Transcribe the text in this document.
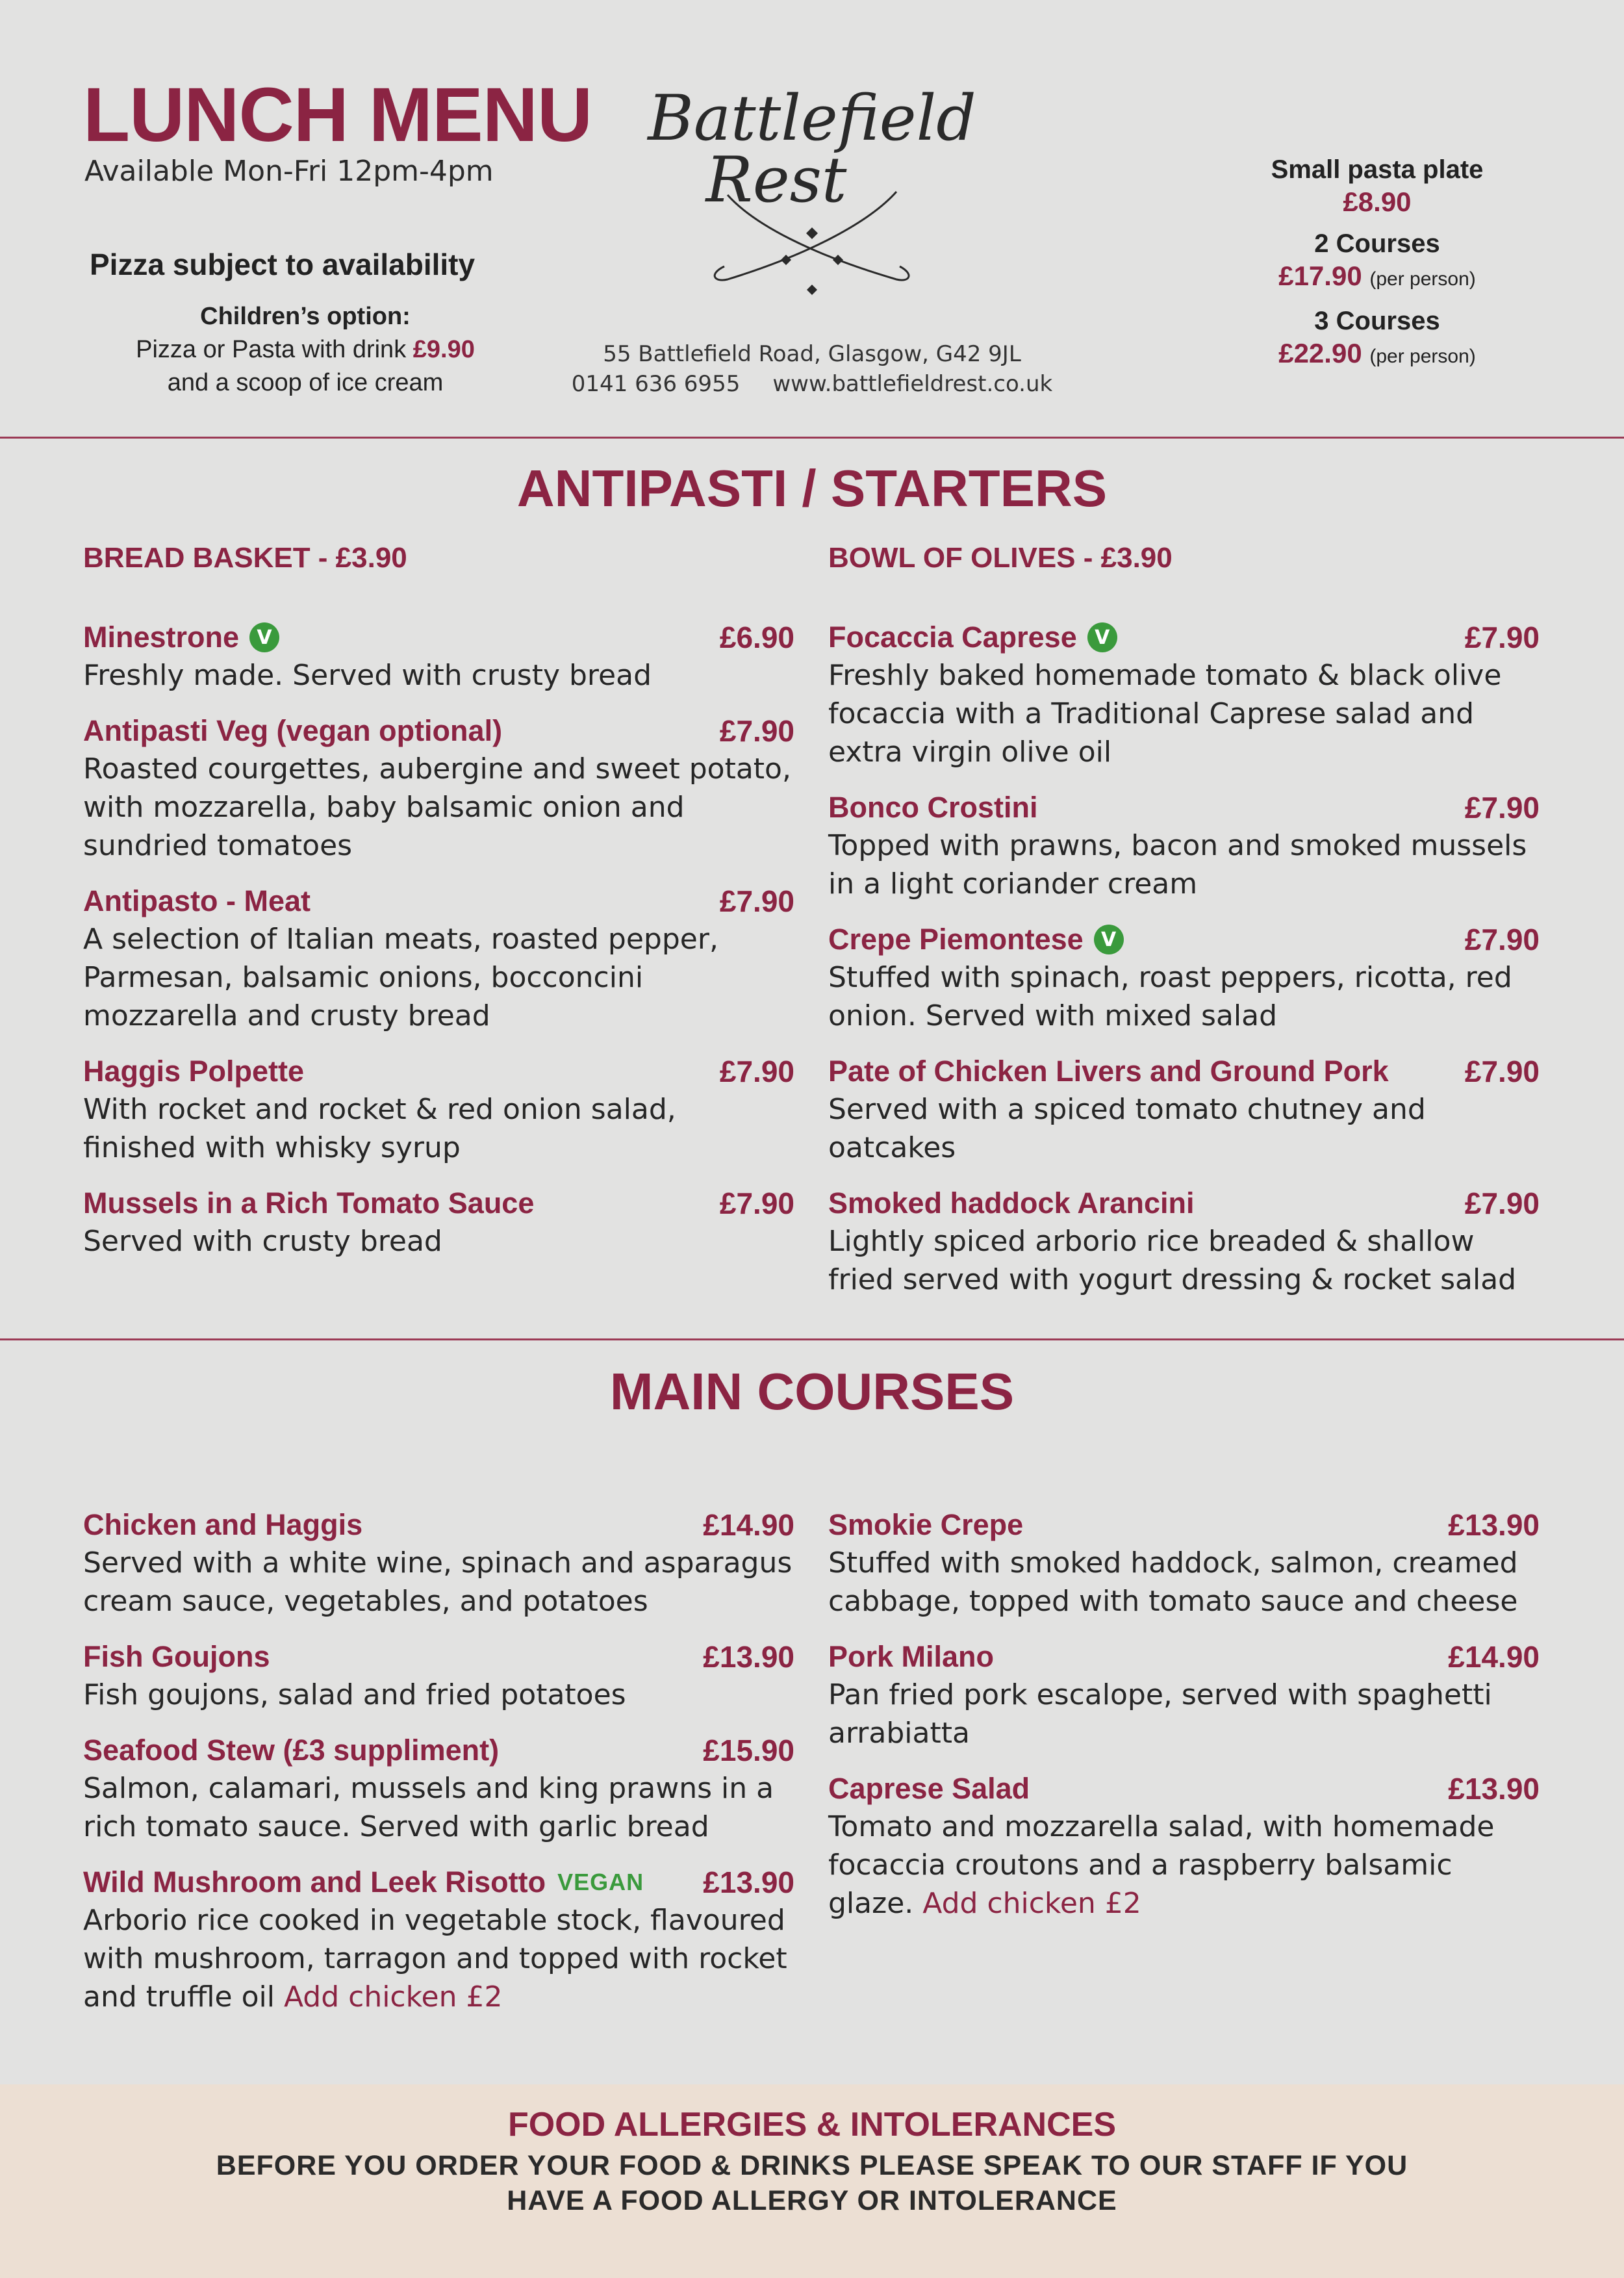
LUNCH MENU
Available Mon-Fri 12pm-4pm
Pizza subject to availability
Children’s option:
Pizza or Pasta with drink £9.90
and a scoop of ice cream
Battlefield
Rest
55 Battlefield Road, Glasgow, G42 9JL
0141 636 6955 www.battlefieldrest.co.uk
Small pasta plate
£8.90
2 Courses
£17.90 (per person)
3 Courses
£22.90 (per person)
ANTIPASTI / STARTERS
BREAD BASKET - £3.90	BOWL OF OLIVES - £3.90
Minestrone V	£6.90
Freshly made. Served with crusty bread
Antipasti Veg (vegan optional)	£7.90
Roasted courgettes, aubergine and sweet potato, with mozzarella, baby balsamic onion and sundried tomatoes
Antipasto - Meat	£7.90
A selection of Italian meats, roasted pepper, Parmesan, balsamic onions, bocconcini mozzarella and crusty bread
Haggis Polpette	£7.90
With rocket and rocket & red onion salad, finished with whisky syrup
Mussels in a Rich Tomato Sauce	£7.90
Served with crusty bread
Focaccia Caprese V	£7.90
Freshly baked homemade tomato & black olive focaccia with a Traditional Caprese salad and extra virgin olive oil
Bonco Crostini	£7.90
Topped with prawns, bacon and smoked mussels in a light coriander cream
Crepe Piemontese V	£7.90
Stuffed with spinach, roast peppers, ricotta, red onion. Served with mixed salad
Pate of Chicken Livers and Ground Pork	£7.90
Served with a spiced tomato chutney and oatcakes
Smoked haddock Arancini	£7.90
Lightly spiced arborio rice breaded & shallow fried served with yogurt dressing & rocket salad
MAIN COURSES
Chicken and Haggis	£14.90
Served with a white wine, spinach and asparagus cream sauce, vegetables, and potatoes
Fish Goujons	£13.90
Fish goujons, salad and fried potatoes
Seafood Stew (£3 suppliment)	£15.90
Salmon, calamari, mussels and king prawns in a rich tomato sauce. Served with garlic bread
Wild Mushroom and Leek Risotto VEGAN £13.90
Arborio rice cooked in vegetable stock, flavoured with mushroom, tarragon and topped with rocket and truffle oil Add chicken £2
Smokie Crepe	£13.90
Stuffed with smoked haddock, salmon, creamed cabbage, topped with tomato sauce and cheese
Pork Milano	£14.90
Pan fried pork escalope, served with spaghetti arrabiatta
Caprese Salad	£13.90
Tomato and mozzarella salad, with homemade focaccia croutons and a raspberry balsamic glaze. Add chicken £2
FOOD ALLERGIES & INTOLERANCES
BEFORE YOU ORDER YOUR FOOD & DRINKS PLEASE SPEAK TO OUR STAFF IF YOU
HAVE A FOOD ALLERGY OR INTOLERANCE
